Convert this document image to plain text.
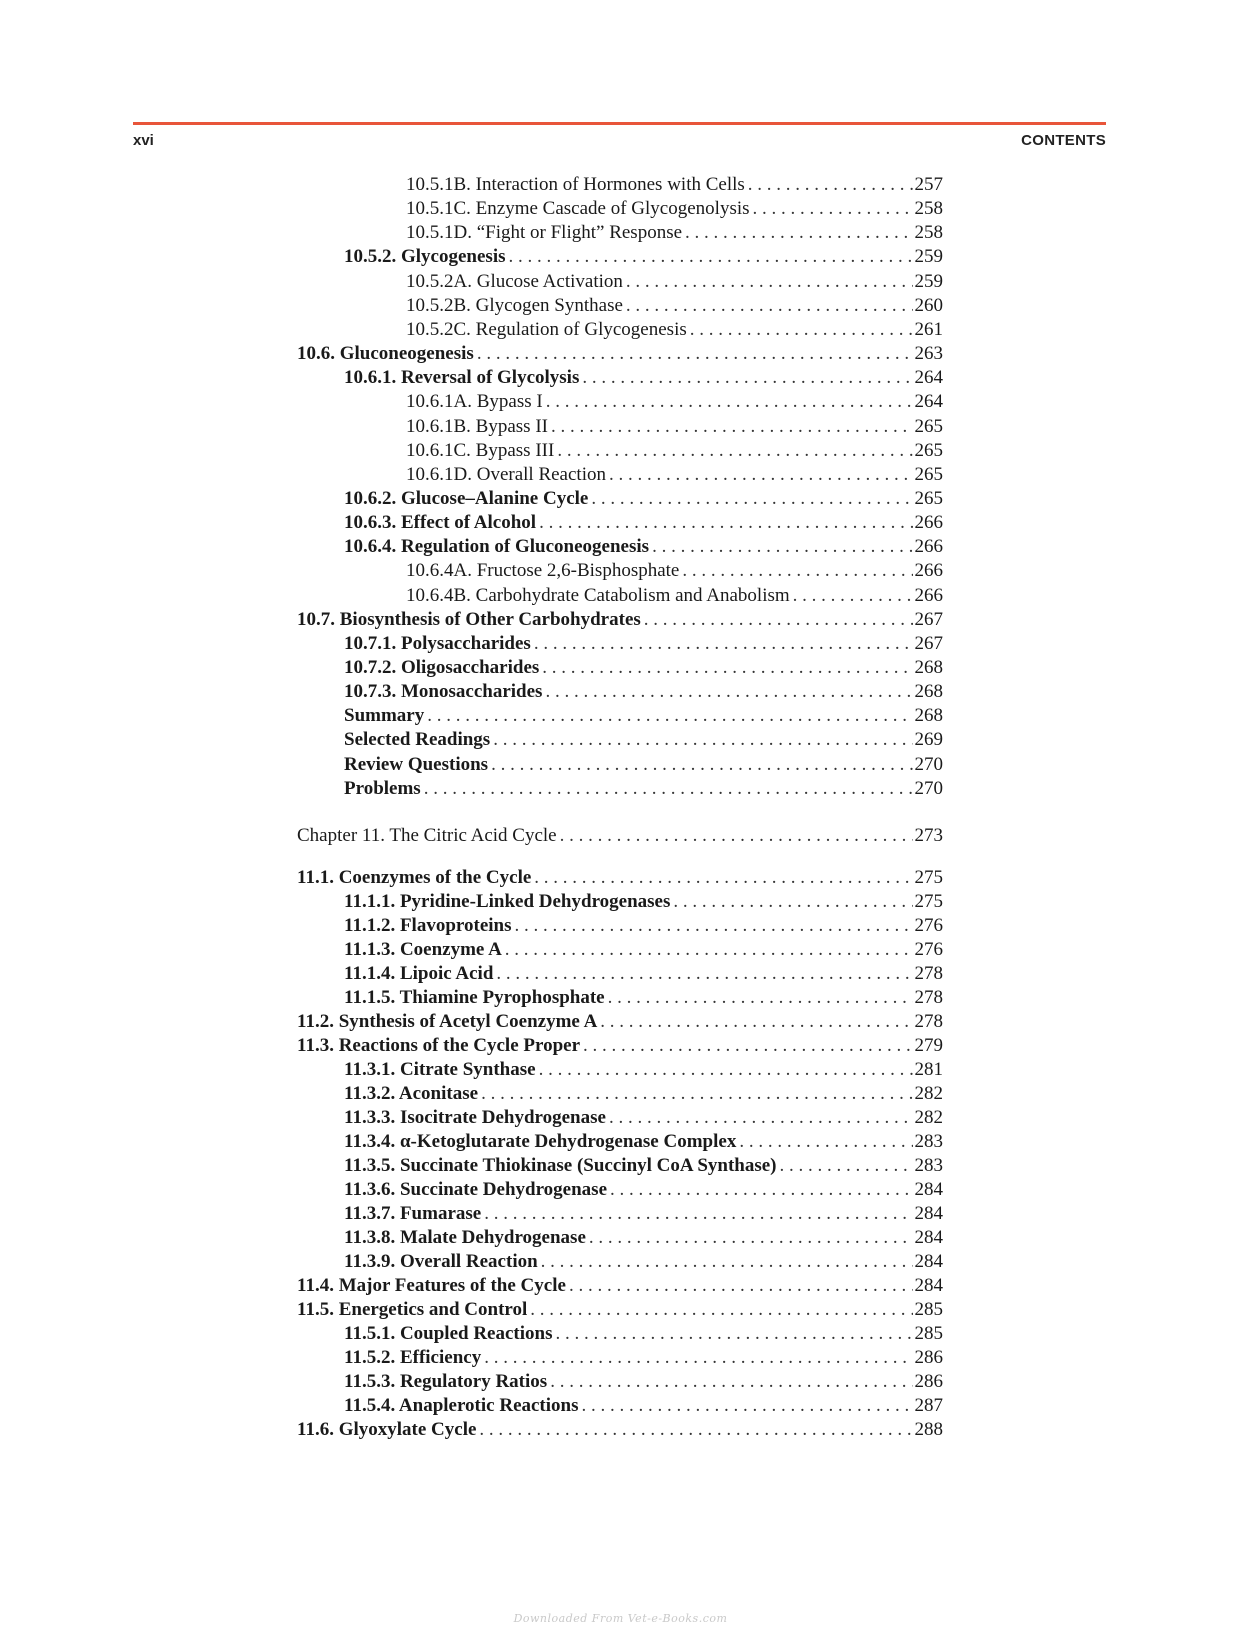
xvi	CONTENTS
10.5.1B. Interaction of Hormones with Cells . . .	257
10.5.1C. Enzyme Cascade of Glycogenolysis . . .	258
10.5.1D. “Fight or Flight” Response . . .	258
10.5.2. Glycogenesis . . .	259
10.5.2A. Glucose Activation . . .	259
10.5.2B. Glycogen Synthase . . .	260
10.5.2C. Regulation of Glycogenesis . . .	261
10.6. Gluconeogenesis . . .	263
10.6.1. Reversal of Glycolysis . . .	264
10.6.1A. Bypass I . . .	264
10.6.1B. Bypass II . . .	265
10.6.1C. Bypass III . . .	265
10.6.1D. Overall Reaction . . .	265
10.6.2. Glucose–Alanine Cycle . . .	265
10.6.3. Effect of Alcohol . . .	266
10.6.4. Regulation of Gluconeogenesis . . .	266
10.6.4A. Fructose 2,6-Bisphosphate . . .	266
10.6.4B. Carbohydrate Catabolism and Anabolism . . .	266
10.7. Biosynthesis of Other Carbohydrates . . .	267
10.7.1. Polysaccharides . . .	267
10.7.2. Oligosaccharides . . .	268
10.7.3. Monosaccharides . . .	268
Summary . . .	268
Selected Readings . . .	269
Review Questions . . .	270
Problems . . .	270
Chapter 11. The Citric Acid Cycle . . .	273
11.1. Coenzymes of the Cycle . . .	275
11.1.1. Pyridine-Linked Dehydrogenases . . .	275
11.1.2. Flavoproteins . . .	276
11.1.3. Coenzyme A . . .	276
11.1.4. Lipoic Acid . . .	278
11.1.5. Thiamine Pyrophosphate . . .	278
11.2. Synthesis of Acetyl Coenzyme A . . .	278
11.3. Reactions of the Cycle Proper . . .	279
11.3.1. Citrate Synthase . . .	281
11.3.2. Aconitase . . .	282
11.3.3. Isocitrate Dehydrogenase . . .	282
11.3.4. α-Ketoglutarate Dehydrogenase Complex . . .	283
11.3.5. Succinate Thiokinase (Succinyl CoA Synthase) . . .	283
11.3.6. Succinate Dehydrogenase . . .	284
11.3.7. Fumarase . . .	284
11.3.8. Malate Dehydrogenase . . .	284
11.3.9. Overall Reaction . . .	284
11.4. Major Features of the Cycle . . .	284
11.5. Energetics and Control . . .	285
11.5.1. Coupled Reactions . . .	285
11.5.2. Efficiency . . .	286
11.5.3. Regulatory Ratios . . .	286
11.5.4. Anaplerotic Reactions . . .	287
11.6. Glyoxylate Cycle . . .	288
Downloaded From Vet-e-Books.com
